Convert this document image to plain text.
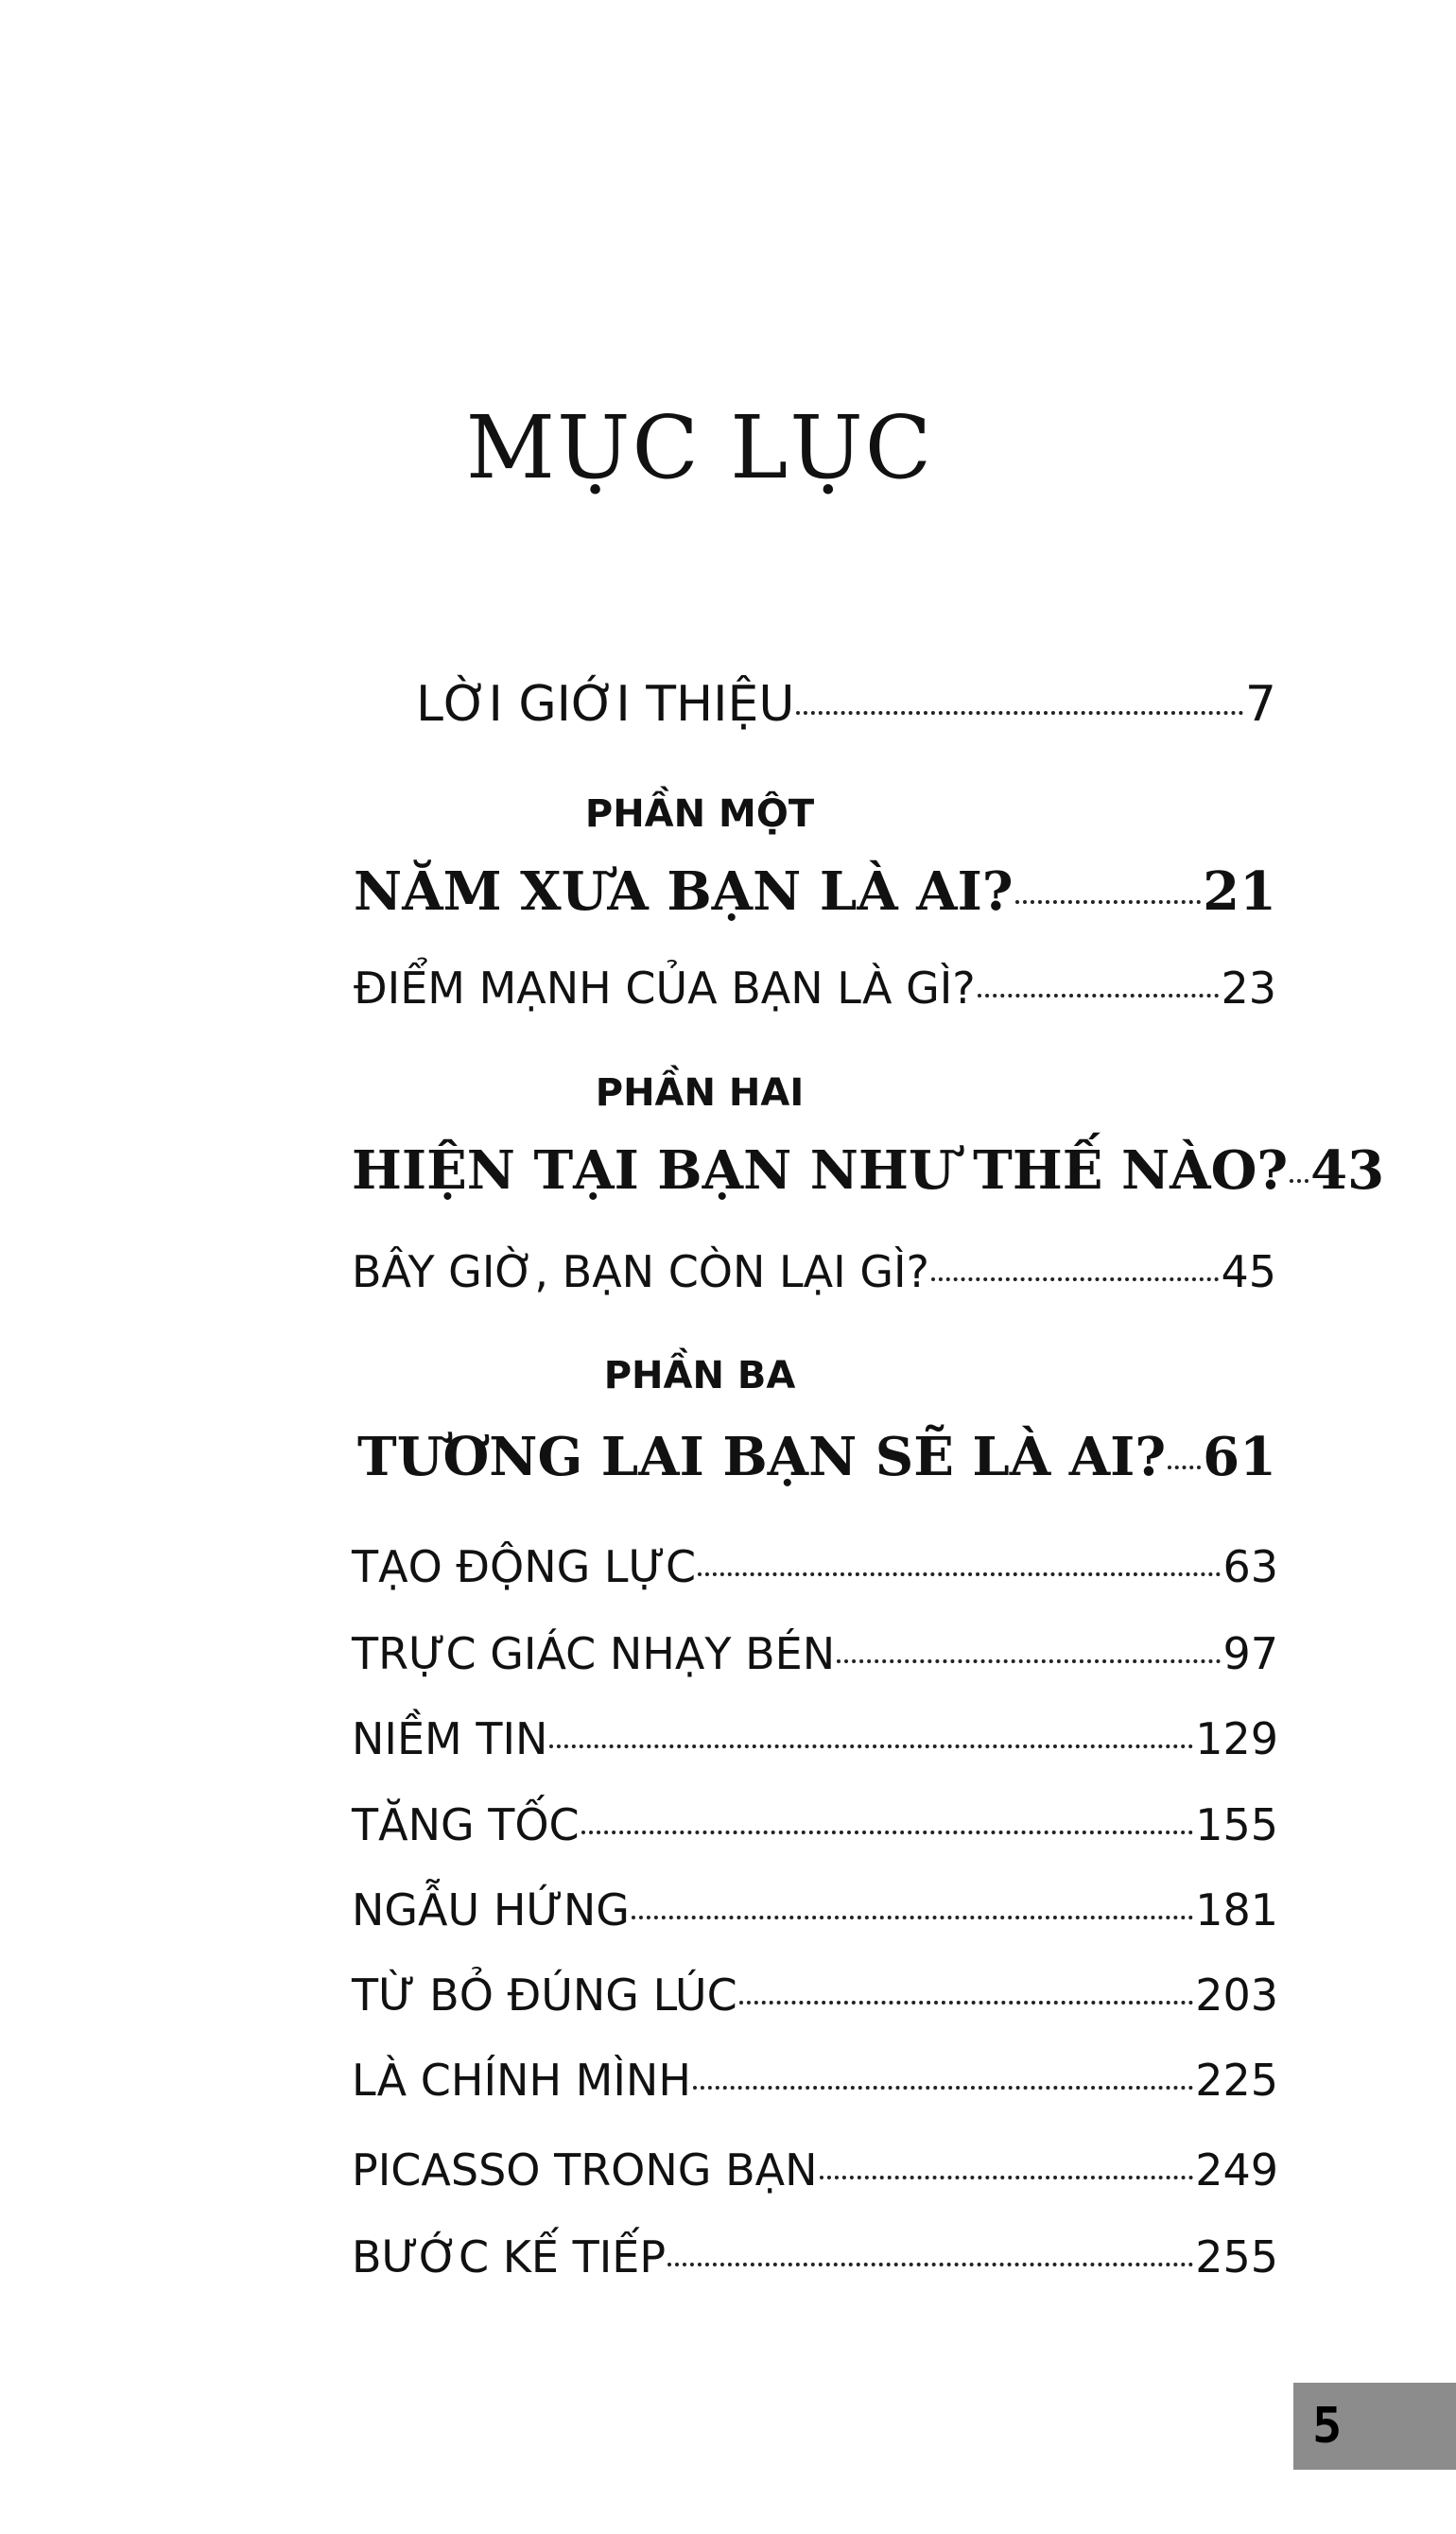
MỤC LỤC
LỜI GIỚI THIỆU	7
PHẦN MỘT
NĂM XƯA BẠN LÀ AI?	21
ĐIỂM MẠNH CỦA BẠN LÀ GÌ?	23
PHẦN HAI
HIỆN TẠI BẠN NHƯ THẾ NÀO? 43
BÂY GIỜ, BẠN CÒN LẠI GÌ?	45
PHẦN BA
TƯƠNG LAI BẠN SẼ LÀ AI? 61
TẠO ĐỘNG LỰC	63
TRỰC GIÁC NHẠY BÉN	97
NIỀM TIN	129
TĂNG TỐC	155
NGẪU HỨNG	181
TỪ BỎ ĐÚNG LÚC	203
LÀ CHÍNH MÌNH	225
PICASSO TRONG BẠN	249
BƯỚC KẾ TIẾP	255
5
